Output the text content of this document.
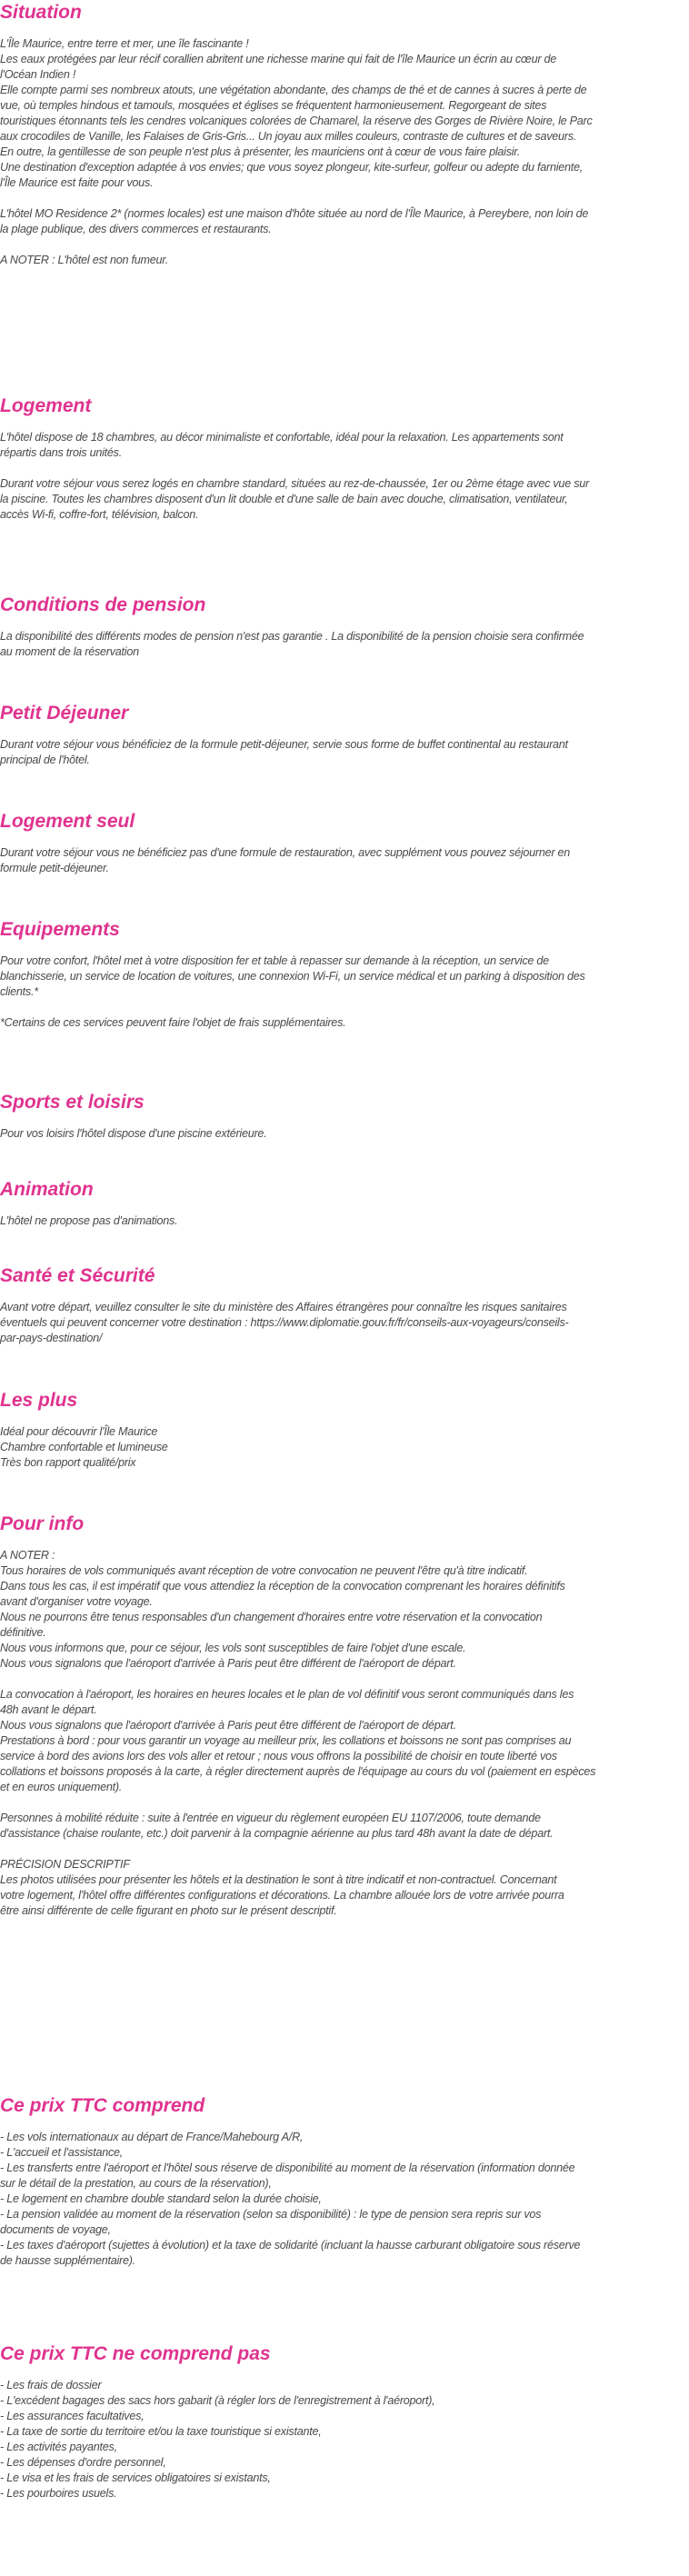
Situation
L'Île Maurice, entre terre et mer, une île fascinante !
Les eaux protégées par leur récif corallien abritent une richesse marine qui fait de l'île Maurice un écrin au cœur de
l'Océan Indien !
Elle compte parmi ses nombreux atouts, une végétation abondante, des champs de thé et de cannes à sucres à perte de
vue, où temples hindous et tamouls, mosquées et églises se fréquentent harmonieusement. Regorgeant de sites
touristiques étonnants tels les cendres volcaniques colorées de Chamarel, la réserve des Gorges de Rivière Noire, le Parc
aux crocodiles de Vanille, les Falaises de Gris-Gris... Un joyau aux milles couleurs, contraste de cultures et de saveurs.
En outre, la gentillesse de son peuple n'est plus à présenter, les mauriciens ont à cœur de vous faire plaisir.
Une destination d'exception adaptée à vos envies; que vous soyez plongeur, kite-surfeur, golfeur ou adepte du farniente,
l'Île Maurice est faite pour vous.
L'hôtel MO Residence 2* (normes locales) est une maison d'hôte située au nord de l'Île Maurice, à Pereybere, non loin de
la plage publique, des divers commerces et restaurants.
A NOTER : L'hôtel est non fumeur.
Logement
L'hôtel dispose de 18 chambres, au décor minimaliste et confortable, idéal pour la relaxation. Les appartements sont
répartis dans trois unités.
Durant votre séjour vous serez logés en chambre standard, situées au rez-de-chaussée, 1er ou 2ème étage avec vue sur
la piscine. Toutes les chambres disposent d'un lit double et d'une salle de bain avec douche, climatisation, ventilateur,
accès Wi-fi, coffre-fort, télévision, balcon.
Conditions de pension
La disponibilité des différents modes de pension n'est pas garantie . La disponibilité de la pension choisie sera confirmée
au moment de la réservation
Petit Déjeuner
Durant votre séjour vous bénéficiez de la formule petit-déjeuner, servie sous forme de buffet continental au restaurant
principal de l'hôtel.
Logement seul
Durant votre séjour vous ne bénéficiez pas d'une formule de restauration, avec supplément vous pouvez séjourner en
formule petit-déjeuner.
Equipements
Pour votre confort, l'hôtel met à votre disposition fer et table à repasser sur demande à la réception, un service de
blanchisserie, un service de location de voitures, une connexion Wi-Fi, un service médical et un parking à disposition des
clients.*
*Certains de ces services peuvent faire l'objet de frais supplémentaires.
Sports et loisirs
Pour vos loisirs l'hôtel dispose d'une piscine extérieure.
Animation
L'hôtel ne propose pas d'animations.
Santé et Sécurité
Avant votre départ, veuillez consulter le site du ministère des Affaires étrangères pour connaître les risques sanitaires
éventuels qui peuvent concerner votre destination : https://www.diplomatie.gouv.fr/fr/conseils-aux-voyageurs/conseils-
par-pays-destination/
Les plus
Idéal pour découvrir l'Île Maurice
Chambre confortable et lumineuse
Très bon rapport qualité/prix
Pour info
A NOTER :
Tous horaires de vols communiqués avant réception de votre convocation ne peuvent l'être qu'à titre indicatif.
Dans tous les cas, il est impératif que vous attendiez la réception de la convocation comprenant les horaires définitifs
avant d'organiser votre voyage.
Nous ne pourrons être tenus responsables d'un changement d'horaires entre votre réservation et la convocation
définitive.
Nous vous informons que, pour ce séjour, les vols sont susceptibles de faire l'objet d'une escale.
Nous vous signalons que l'aéroport d'arrivée à Paris peut être différent de l'aéroport de départ.
La convocation à l'aéroport, les horaires en heures locales et le plan de vol définitif vous seront communiqués dans les
48h avant le départ.
Nous vous signalons que l'aéroport d'arrivée à Paris peut être différent de l'aéroport de départ.
Prestations à bord : pour vous garantir un voyage au meilleur prix, les collations et boissons ne sont pas comprises au
service à bord des avions lors des vols aller et retour ; nous vous offrons la possibilité de choisir en toute liberté vos
collations et boissons proposés à la carte, à régler directement auprès de l'équipage au cours du vol (paiement en espèces
et en euros uniquement).
Personnes à mobilité réduite : suite à l'entrée en vigueur du règlement européen EU 1107/2006, toute demande
d'assistance (chaise roulante, etc.) doit parvenir à la compagnie aérienne au plus tard 48h avant la date de départ.
PRÉCISION DESCRIPTIF
Les photos utilisées pour présenter les hôtels et la destination le sont à titre indicatif et non-contractuel. Concernant
votre logement, l'hôtel offre différentes configurations et décorations. La chambre allouée lors de votre arrivée pourra
être ainsi différente de celle figurant en photo sur le présent descriptif.
Ce prix TTC comprend
- Les vols internationaux au départ de France/Mahebourg A/R,
- L'accueil et l'assistance,
- Les transferts entre l'aéroport et l'hôtel sous réserve de disponibilité au moment de la réservation (information donnée
sur le détail de la prestation, au cours de la réservation),
- Le logement en chambre double standard selon la durée choisie,
- La pension validée au moment de la réservation (selon sa disponibilité) : le type de pension sera repris sur vos
documents de voyage,
- Les taxes d'aéroport (sujettes à évolution) et la taxe de solidarité (incluant la hausse carburant obligatoire sous réserve
de hausse supplémentaire).
Ce prix TTC ne comprend pas
- Les frais de dossier
- L'excédent bagages des sacs hors gabarit (à régler lors de l'enregistrement à l'aéroport),
- Les assurances facultatives,
- La taxe de sortie du territoire et/ou la taxe touristique si existante,
- Les activités payantes,
- Les dépenses d'ordre personnel,
- Le visa et les frais de services obligatoires si existants,
- Les pourboires usuels.
